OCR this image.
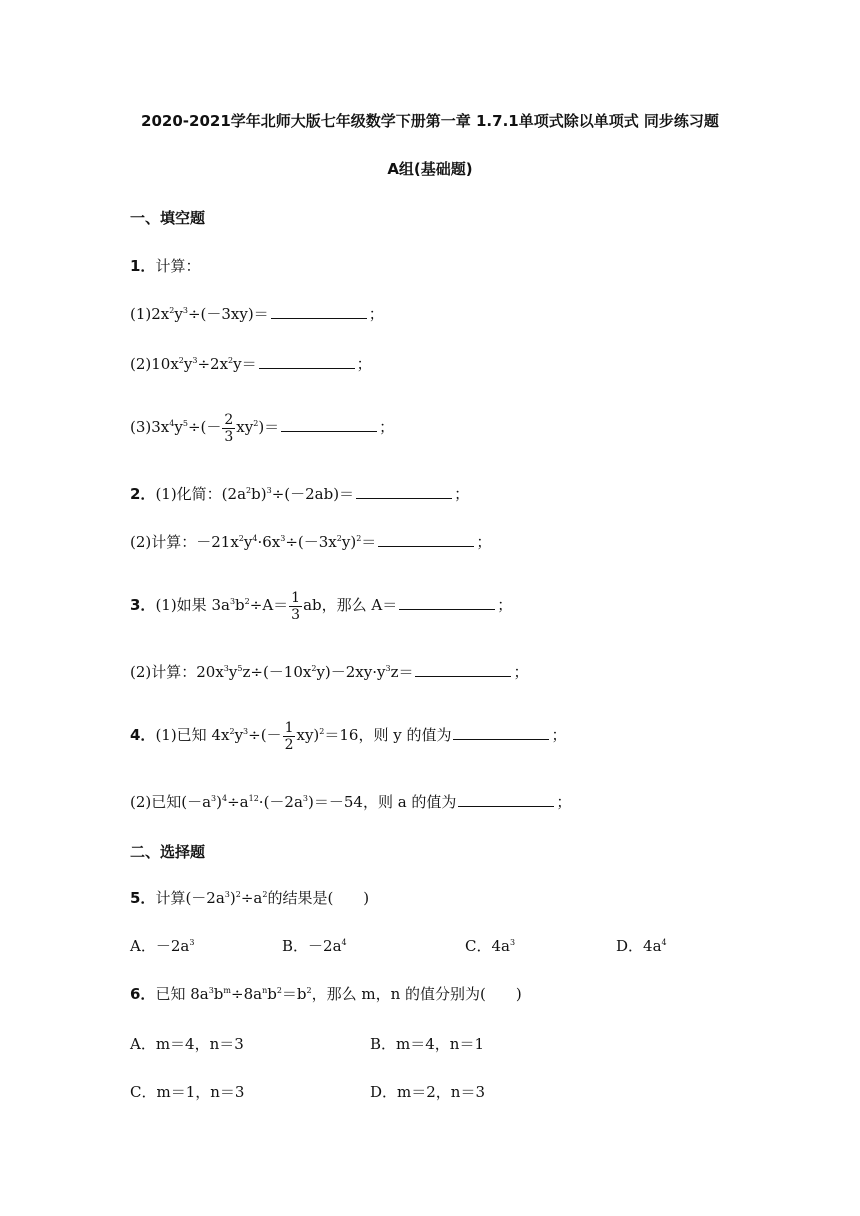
2020-2021学年北师大版七年级数学下册第一章 1.7.1单项式除以单项式 同步练习题
A组(基础题)
一、填空题
1．计算：
$(1)2x^2y^3\div(-3xy)=$	；
$(2)10x^2y^3\div 2x^2y=$	；
$(3)3x^4y^5\div(- \frac{2}{3} xy^2)=$	；
2．(1)化简：$(2a^2b)^3\div(-2ab)=$	；
(2)计算：$-21x^2y^4\cdot 6x^3\div(-3x^2y)^2=$	；
3．(1)如果 $3a^3b^2\div A= \frac{1}{3}$ ab，那么 A＝	；
(2)计算：$20x^3y^5z\div(-10x^2y)-2xy\cdot y^3z=$	；
4．(1)已知 $4x^2y^3\div(- \frac{1}{2} xy)^2=16$，则 y 的值为	；
(2)已知$(-a^3)^4\div a^{12}\cdot(-2a^3)=-54$，则 a 的值为	；
二、选择题
5．计算$(-2a^3)^2\div a^2$的结果是(　　)
A．$-2a^3$	B．$-2a^4$	C．$4a^3$	D．$4a^4$
6．已知 $8a^3b^m\div 8a^nb^2=b^2$，那么 m，n 的值分别为(　　)
A．m＝4，n＝3	B．m＝4，n＝1
C．m＝1，n＝3	D．m＝2，n＝3
